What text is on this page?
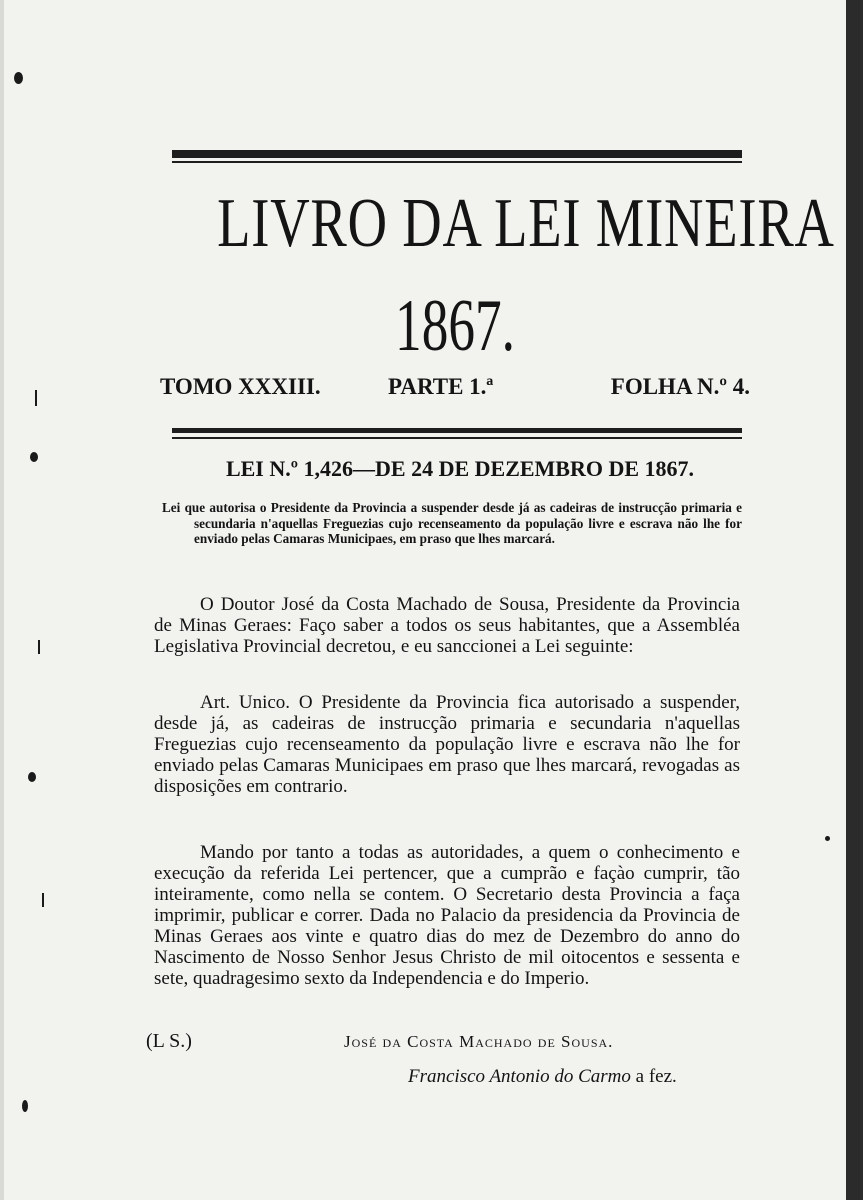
LIVRO DA LEI MINEIRA
1867.
TOMO XXXIII.	PARTE 1.ª	FOLHA N.º 4.
LEI N.º 1,426—DE 24 DE DEZEMBRO DE 1867.
Lei que autorisa o Presidente da Provincia a suspender desde já as cadeiras de instrucção primaria e secundaria n'aquellas Freguezias cujo recenseamento da população livre e escrava não lhe for enviado pelas Camaras Municipaes, em praso que lhes marcará.
O Doutor José da Costa Machado de Sousa, Presidente da Provincia de Minas Geraes: Faço saber a todos os seus habitantes, que a Assembléa Legislativa Provincial decretou, e eu sanccionei a Lei seguinte:
Art. Unico. O Presidente da Provincia fica autorisado a suspender, desde já, as cadeiras de instrucção primaria e secundaria n'aquellas Freguezias cujo recenseamento da população livre e escrava não lhe for enviado pelas Camaras Municipaes em praso que lhes marcará, revogadas as disposições em contrario.
Mando por tanto a todas as autoridades, a quem o conhecimento e execução da referida Lei pertencer, que a cumprão e façào cumprir, tão inteiramente, como nella se contem. O Secretario desta Provincia a faça imprimir, publicar e correr. Dada no Palacio da presidencia da Provincia de Minas Geraes aos vinte e quatro dias do mez de Dezembro do anno do Nascimento de Nosso Senhor Jesus Christo de mil oitocentos e sessenta e sete, quadragesimo sexto da Independencia e do Imperio.
(L S.)	José da Costa Machado de Sousa.
Francisco Antonio do Carmo a fez.
